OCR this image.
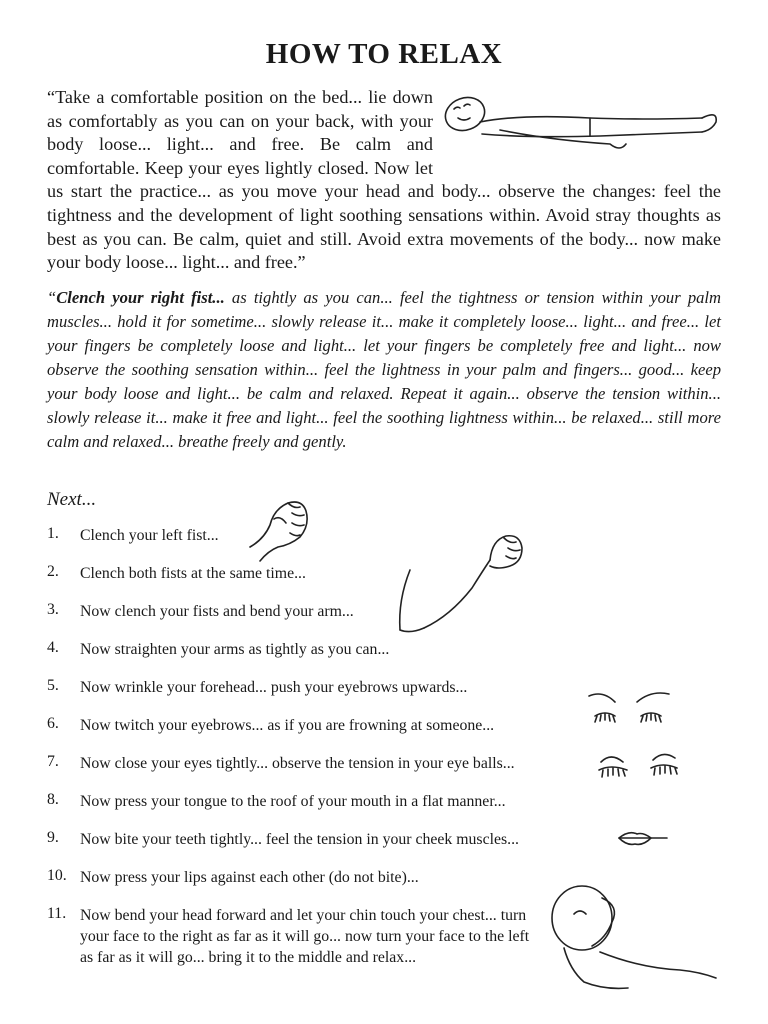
HOW TO RELAX
“Take a comfortable position on the bed... lie down as comfortably as you can on your back, with your body loose... light... and free. Be calm and comfortable. Keep your eyes lightly closed. Now let us start the practice... as you move your head and body... observe the changes: feel the tightness and the development of light soothing sensations within. Avoid stray thoughts as best as you can. Be calm, quiet and still. Avoid extra movements of the body... now make your body loose... light... and free.”
“Clench your right fist... as tightly as you can... feel the tightness or tension within your palm muscles... hold it for sometime... slowly release it... make it completely loose... light... and free... let your fingers be completely loose and light... let your fingers be completely free and light... now observe the soothing sensation within... feel the lightness in your palm and fingers... good... keep your body loose and light... be calm and relaxed. Repeat it again... observe the tension within... slowly release it... make it free and light... feel the soothing lightness within... be relaxed... still more calm and relaxed... breathe freely and gently.
Next...
1.	Clench your left fist...
2.	Clench both fists at the same time...
3.	Now clench your fists and bend your arm...
4.	Now straighten your arms as tightly as you can...
5.	Now wrinkle your forehead... push your eyebrows upwards...
6.	Now twitch your eyebrows... as if you are frowning at someone...
7.	Now close your eyes tightly... observe the tension in your eye balls...
8.	Now press your tongue to the roof of your mouth in a flat manner...
9.	Now bite your teeth tightly... feel the tension in your cheek muscles...
10. Now press your lips against each other (do not bite)...
11. Now bend your head forward and let your chin touch your chest... turn your face to the right as far as it will go... now turn your face to the left as far as it will go... bring it to the middle and relax...
